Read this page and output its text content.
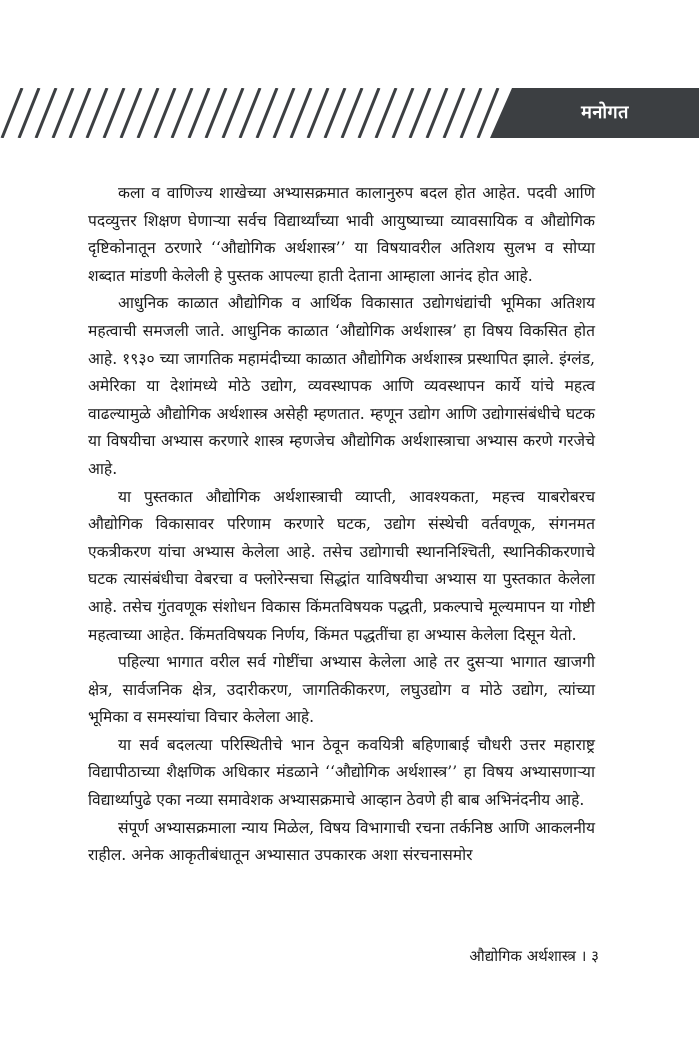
मनोगत

कला व वाणिज्य शाखेच्या अभ्यासक्रमात कालानुरुप बदल होत आहेत. पदवी आणि पदव्युत्तर शिक्षण घेणाऱ्या सर्वच विद्यार्थ्यांच्या भावी आयुष्याच्या व्यावसायिक व औद्योगिक दृष्टिकोनातून ठरणारे ‘‘औद्योगिक अर्थशास्त्र’’ या विषयावरील अतिशय सुलभ व सोप्या शब्दात मांडणी केलेली हे पुस्तक आपल्या हाती देताना आम्हाला आनंद होत आहे.

आधुनिक काळात औद्योगिक व आर्थिक विकासात उद्योगधंद्यांची भूमिका अतिशय महत्वाची समजली जाते. आधुनिक काळात ‘औद्योगिक अर्थशास्त्र’ हा विषय विकसित होत आहे. १९३० च्या जागतिक महामंदीच्या काळात औद्योगिक अर्थशास्त्र प्रस्थापित झाले. इंग्लंड, अमेरिका या देशांमध्ये मोठे उद्योग, व्यवस्थापक आणि व्यवस्थापन कार्ये यांचे महत्व वाढल्यामुळे औद्योगिक अर्थशास्त्र असेही म्हणतात. म्हणून उद्योग आणि उद्योगासंबंधीचे घटक या विषयीचा अभ्यास करणारे शास्त्र म्हणजेच औद्योगिक अर्थशास्त्राचा अभ्यास करणे गरजेचे आहे.

या पुस्तकात औद्योगिक अर्थशास्त्राची व्याप्ती, आवश्यकता, महत्त्व याबरोबरच औद्योगिक विकासावर परिणाम करणारे घटक, उद्योग संस्थेची वर्तवणूक, संगनमत एकत्रीकरण यांचा अभ्यास केलेला आहे. तसेच उद्योगाची स्थाननिश्चिती, स्थानिकीकरणाचे घटक त्यासंबंधीचा वेबरचा व फ्लोरेन्सचा सिद्धांत याविषयीचा अभ्यास या पुस्तकात केलेला आहे. तसेच गुंतवणूक संशोधन विकास किंमतविषयक पद्धती, प्रकल्पाचे मूल्यमापन या गोष्टी महत्वाच्या आहेत. किंमतविषयक निर्णय, किंमत पद्धतींचा हा अभ्यास केलेला दिसून येतो.

पहिल्या भागात वरील सर्व गोष्टींचा अभ्यास केलेला आहे तर दुसऱ्या भागात खाजगी क्षेत्र, सार्वजनिक क्षेत्र, उदारीकरण, जागतिकीकरण, लघुउद्योग व मोठे उद्योग, त्यांच्या भूमिका व समस्यांचा विचार केलेला आहे.

या सर्व बदलत्या परिस्थितीचे भान ठेवून कवयित्री बहिणाबाई चौधरी उत्तर महाराष्ट्र विद्यापीठाच्या शैक्षणिक अधिकार मंडळाने ‘‘औद्योगिक अर्थशास्त्र’’ हा विषय अभ्यासणाऱ्या विद्यार्थ्यापुढे एका नव्या समावेशक अभ्यासक्रमाचे आव्हान ठेवणे ही बाब अभिनंदनीय आहे.

संपूर्ण अभ्यासक्रमाला न्याय मिळेल, विषय विभागाची रचना तर्कनिष्ठ आणि आकलनीय राहील. अनेक आकृतीबंधातून अभ्यासात उपकारक अशा संरचनासमोर

औद्योगिक अर्थशास्त्र । ३
